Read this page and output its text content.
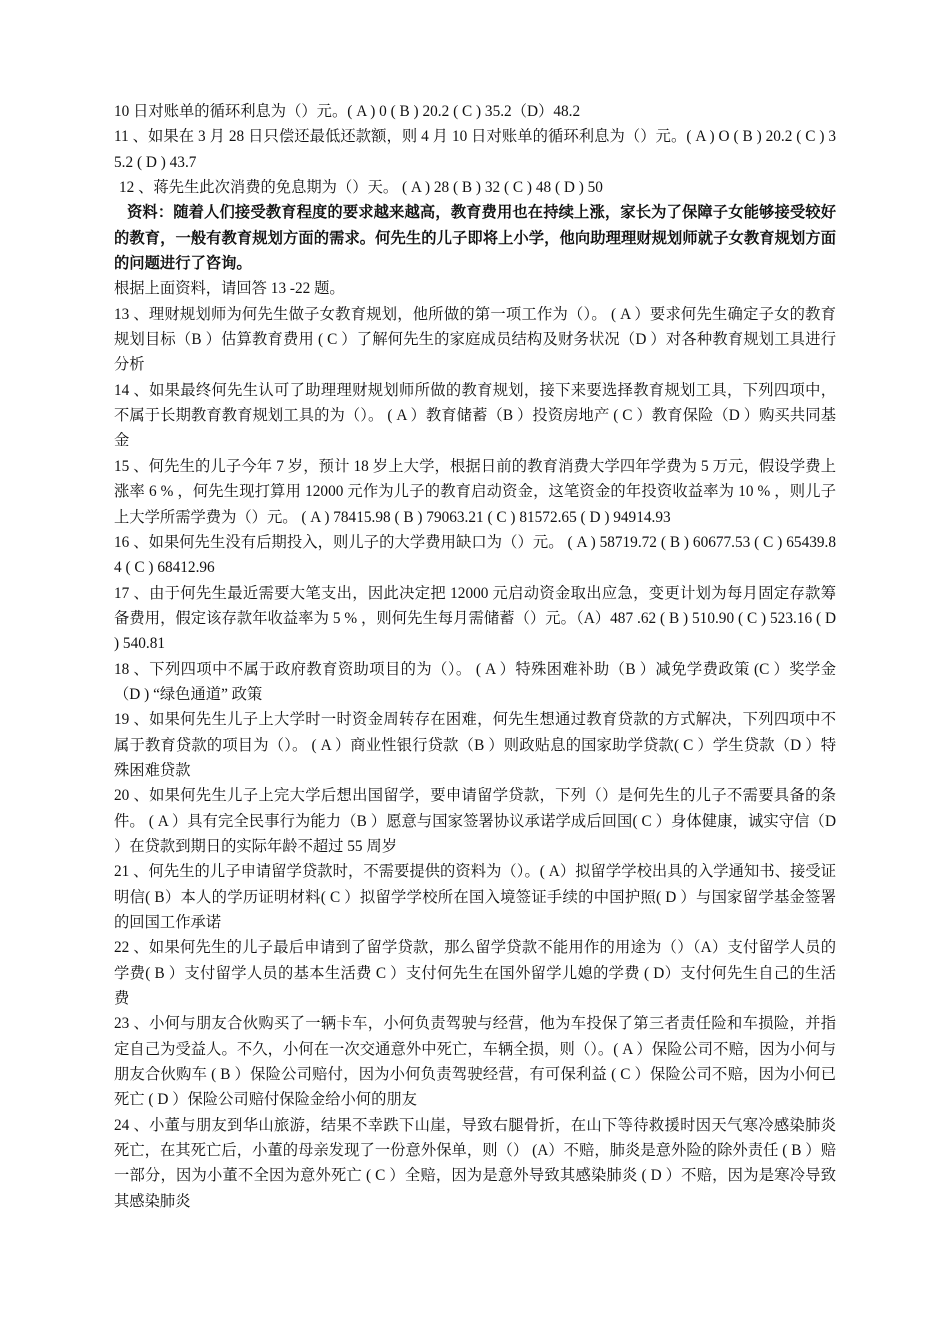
10 日对账单的循环利息为（）元。( A ) 0 ( B ) 20.2 ( C ) 35.2（D）48.2

11 、如果在 3 月 28 日只偿还最低还款额，则 4 月 10 日对账单的循环利息为（）元。( A ) O ( B ) 20.2 ( C ) 35.2 ( D ) 43.7

12 、蒋先生此次消费的免息期为（）天。 ( A ) 28 ( B ) 32 ( C ) 48 ( D ) 50

资料：随着人们接受教育程度的要求越来越高，教育费用也在持续上涨，家长为了保障子女能够接受较好的教育，一般有教育规划方面的需求。何先生的儿子即将上小学，他向助理理财规划师就子女教育规划方面的问题进行了咨询。

根据上面资料，请回答 13 -22 题。

13 、理财规划师为何先生做子女教育规划，他所做的第一项工作为（）。 ( A ）要求何先生确定子女的教育规划目标（B ）估算教育费用 ( C ）了解何先生的家庭成员结构及财务状况（D ）对各种教育规划工具进行分析

14 、如果最终何先生认可了助理理财规划师所做的教育规划，接下来要选择教育规划工具，下列四项中，不属于长期教育教育规划工具的为（）。 ( A ）教育储蓄（B ）投资房地产 ( C ）教育保险（D ）购买共同基金

15 、何先生的儿子今年 7 岁，预计 18 岁上大学，根据日前的教育消费大学四年学费为 5 万元，假设学费上涨率 6 % ，何先生现打算用 12000 元作为儿子的教育启动资金，这笔资金的年投资收益率为 10 % ，则儿子上大学所需学费为（）元。 ( A ) 78415.98 ( B ) 79063.21 ( C ) 81572.65 ( D ) 94914.93

16 、如果何先生没有后期投入，则儿子的大学费用缺口为（）元。 ( A ) 58719.72 ( B ) 60677.53 ( C ) 65439.84 ( C ) 68412.96

17 、由于何先生最近需要大笔支出，因此决定把 12000 元启动资金取出应急，变更计划为每月固定存款筹备费用，假定该存款年收益率为 5 % ，则何先生每月需储蓄（）元。（A）487 .62 ( B ) 510.90 ( C ) 523.16 ( D ) 540.81

18 、下列四项中不属于政府教育资助项目的为（）。 ( A ）特殊困难补助（B ）减免学费政策 (C ）奖学金（D ) “绿色通道” 政策

19 、如果何先生儿子上大学时一时资金周转存在困难，何先生想通过教育贷款的方式解决，下列四项中不属于教育贷款的项目为（）。 ( A ）商业性银行贷款（B ）则政贴息的国家助学贷款( C ）学生贷款（D ）特殊困难贷款

20 、如果何先生儿子上完大学后想出国留学，要申请留学贷款，下列（）是何先生的儿子不需要具备的条件。 ( A ）具有完全民事行为能力（B ）愿意与国家签署协议承诺学成后回国( C ）身体健康，诚实守信（D ）在贷款到期日的实际年龄不超过 55 周岁

21 、何先生的儿子申请留学贷款时，不需要提供的资料为（）。( A）拟留学学校出具的入学通知书、接受证明信( B）本人的学历证明材料( C ）拟留学学校所在国入境签证手续的中国护照( D ）与国家留学基金签署的回国工作承诺

22 、如果何先生的儿子最后申请到了留学贷款，那么留学贷款不能用作的用途为（）（A）支付留学人员的学费( B ）支付留学人员的基本生活费 C ）支付何先生在国外留学儿媳的学费 ( D）支付何先生自己的生活费

23 、小何与朋友合伙购买了一辆卡车，小何负责驾驶与经营，他为车投保了第三者责任险和车损险，并指定自己为受益人。不久，小何在一次交通意外中死亡，车辆全损，则（）。( A ）保险公司不赔，因为小何与朋友合伙购车 ( B ）保险公司赔付，因为小何负责驾驶经营，有可保利益 ( C ）保险公司不赔，因为小何已死亡 ( D ）保险公司赔付保险金给小何的朋友

24 、小董与朋友到华山旅游，结果不幸跌下山崖，导致右腿骨折，在山下等待救援时因天气寒冷感染肺炎死亡，在其死亡后，小董的母亲发现了一份意外保单，则（） (A）不赔，肺炎是意外险的除外责任 ( B ）赔一部分，因为小董不全因为意外死亡 ( C ）全赔，因为是意外导致其感染肺炎 ( D ）不赔，因为是寒冷导致其感染肺炎
